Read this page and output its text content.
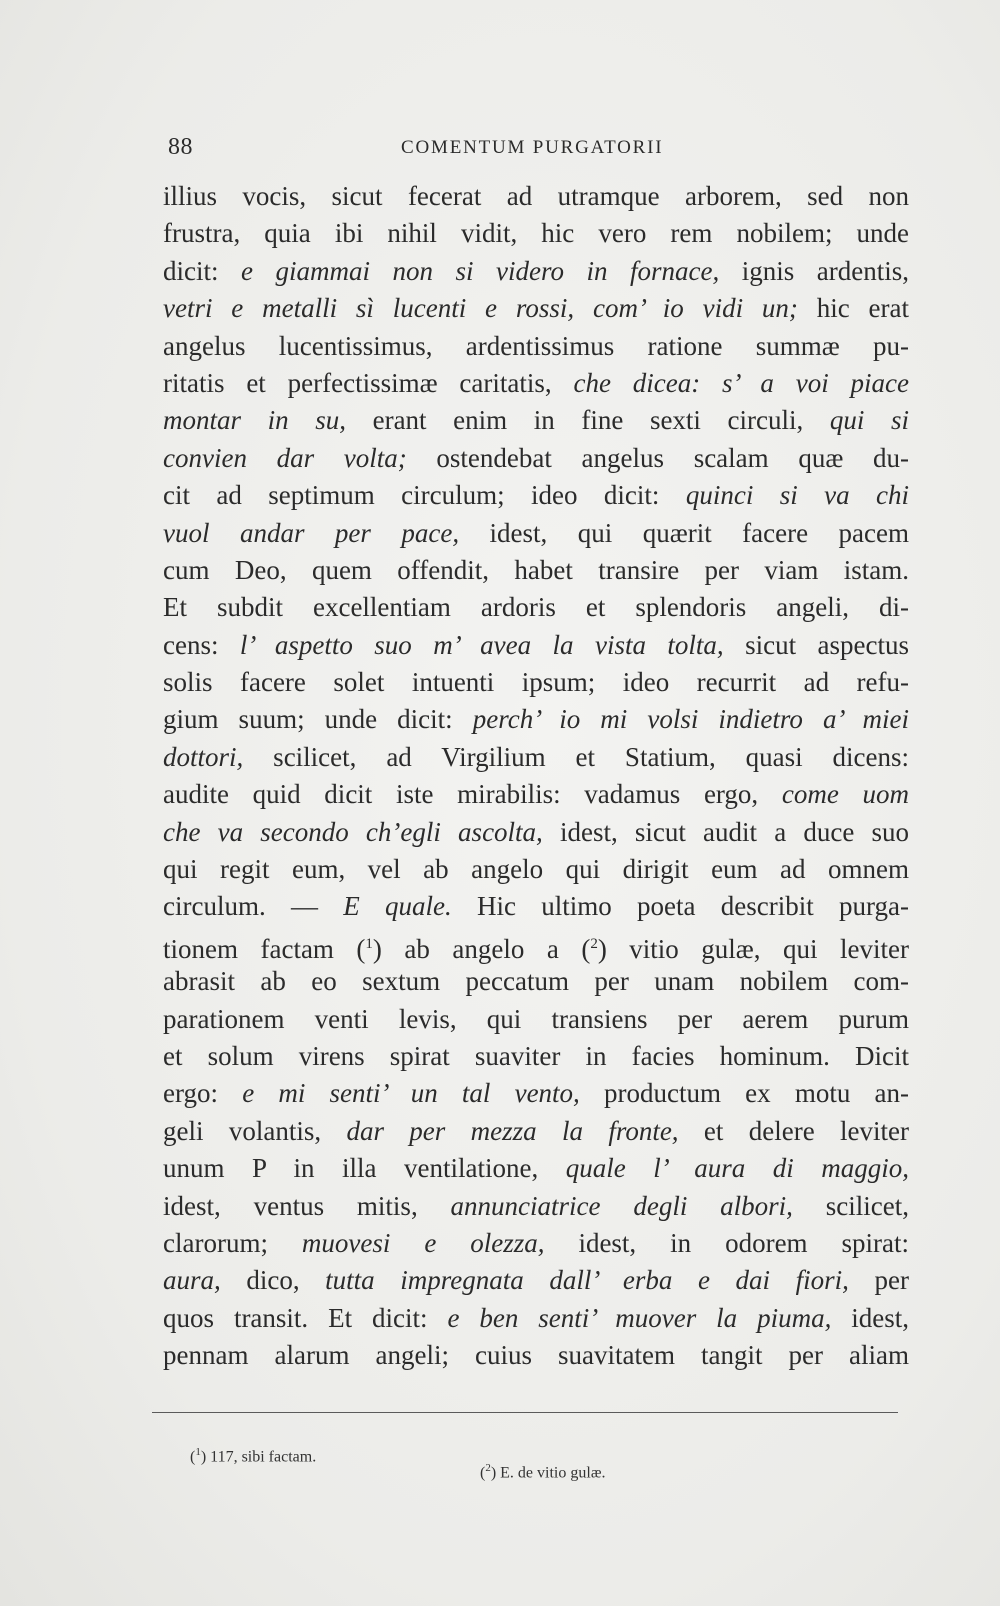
88	COMENTUM PURGATORII
illius vocis, sicut fecerat ad utramque arborem, sed non
frustra, quia ibi nihil vidit, hic vero rem nobilem; unde
dicit: e giammai non si videro in fornace, ignis ardentis,
vetri e metalli sì lucenti e rossi, com’ io vidi un; hic erat
angelus lucentissimus, ardentissimus ratione summæ pu-
ritatis et perfectissimæ caritatis, che dicea: s’ a voi piace
montar in su, erant enim in fine sexti circuli, qui si
convien dar volta; ostendebat angelus scalam quæ du-
cit ad septimum circulum; ideo dicit: quinci si va chi
vuol andar per pace, idest, qui quærit facere pacem
cum Deo, quem offendit, habet transire per viam istam.
Et subdit excellentiam ardoris et splendoris angeli, di-
cens: l’ aspetto suo m’ avea la vista tolta, sicut aspectus
solis facere solet intuenti ipsum; ideo recurrit ad refu-
gium suum; unde dicit: perch’ io mi volsi indietro a’ miei
dottori, scilicet, ad Virgilium et Statium, quasi dicens:
audite quid dicit iste mirabilis: vadamus ergo, come uom
che va secondo ch’egli ascolta, idest, sicut audit a duce suo
qui regit eum, vel ab angelo qui dirigit eum ad omnem
circulum. — E quale. Hic ultimo poeta describit purga-
tionem factam ($^1$) ab angelo a ($^2$) vitio gulæ, qui leviter
abrasit ab eo sextum peccatum per unam nobilem com-
parationem venti levis, qui transiens per aerem purum
et solum virens spirat suaviter in facies hominum. Dicit
ergo: e mi senti’ un tal vento, productum ex motu an-
geli volantis, dar per mezza la fronte, et delere leviter
unum P in illa ventilatione, quale l’ aura di maggio,
idest, ventus mitis, annunciatrice degli albori, scilicet,
clarorum; muovesi e olezza, idest, in odorem spirat:
aura, dico, tutta impregnata dall’ erba e dai fiori, per
quos transit. Et dicit: e ben senti’ muover la piuma, idest,
pennam alarum angeli; cuius suavitatem tangit per aliam
($^1$) 117, sibi factam.
($^2$) E. de vitio gulæ.
